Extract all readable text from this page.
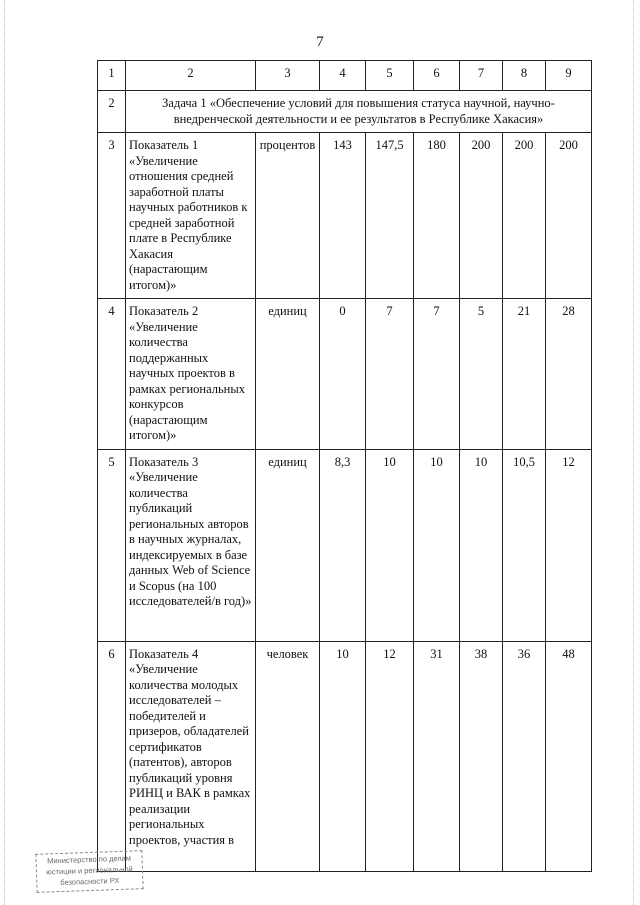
7
1	2	3	4	5	6	7	8	9
2	Задача 1 «Обеспечение условий для повышения статуса научной, научно-внедренческой деятельности и ее результатов в Республике Хакасия»							
3	Показатель 1 «Увеличение отношения средней заработной платы научных работников к средней заработной плате в Республике Хакасия (нарастающим итогом)»	процентов	143	147,5	180	200	200	200
4	Показатель 2 «Увеличение количества поддержанных научных проектов в рамках региональных конкурсов (нарастающим итогом)»	единиц	0	7	7	5	21	28
5	Показатель 3 «Увеличение количества публикаций региональных авторов в научных журналах, индексируемых в базе данных Web of Science и Scopus (на 100 исследователей/в год)»	единиц	8,3	10	10	10	10,5	12
6	Показатель 4 «Увеличение количества молодых исследователей – победителей и призеров, обладателей сертификатов (патентов), авторов публикаций уровня РИНЦ и ВАК в рамках реализации региональных проектов, участия в	человек	10	12	31	38	36	48
Министерство по делам
юстиции и региональной
безопасности РХ
